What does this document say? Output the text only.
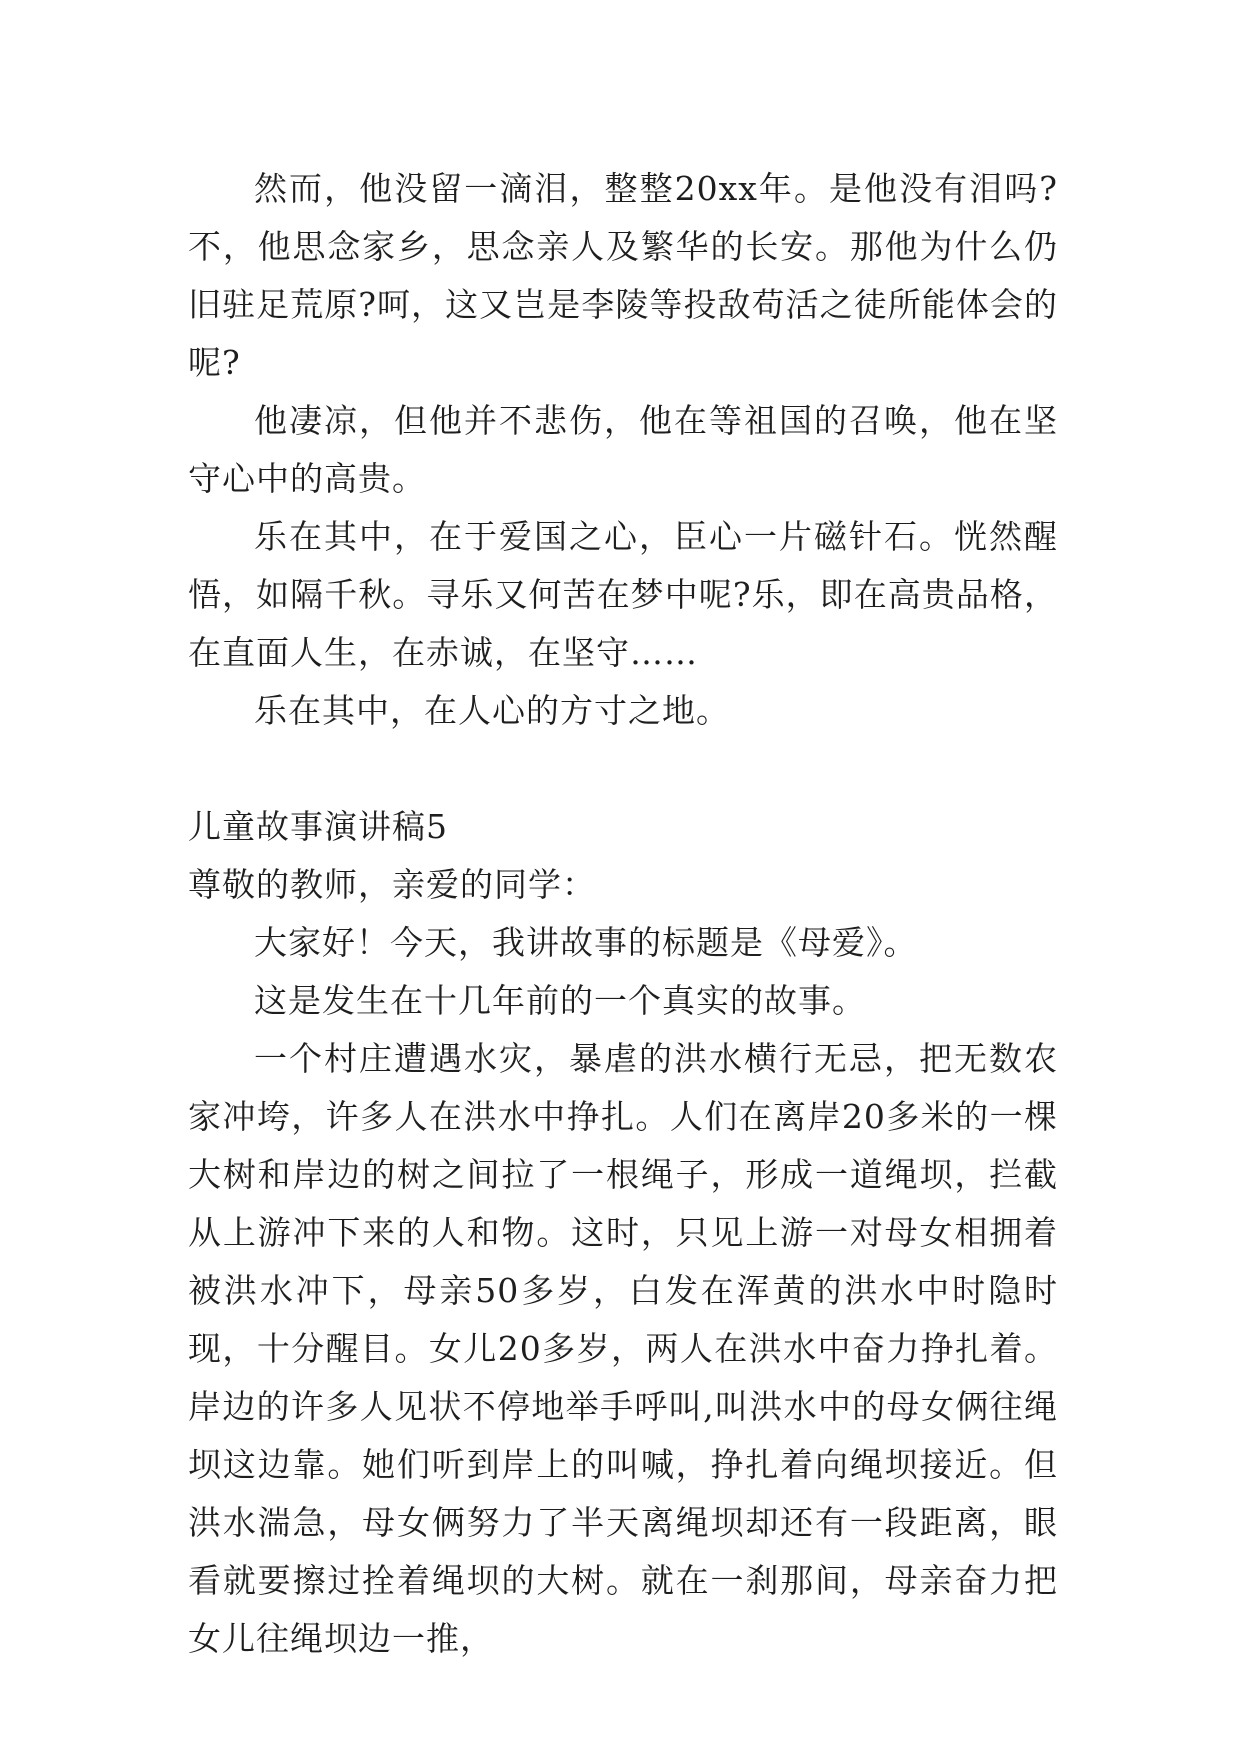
然而，他没留一滴泪，整整20xx年。是他没有泪吗?不，他思念家乡，思念亲人及繁华的长安。那他为什么仍旧驻足荒原?呵，这又岂是李陵等投敌苟活之徒所能体会的呢?

他凄凉，但他并不悲伤，他在等祖国的召唤，他在坚守心中的高贵。

乐在其中，在于爱国之心，臣心一片磁针石。恍然醒悟，如隔千秋。寻乐又何苦在梦中呢?乐，即在高贵品格，在直面人生，在赤诚，在坚守……

乐在其中，在人心的方寸之地。

儿童故事演讲稿5

尊敬的教师，亲爱的同学：

大家好！今天，我讲故事的标题是《母爱》。

这是发生在十几年前的一个真实的故事。

一个村庄遭遇水灾，暴虐的洪水横行无忌，把无数农家冲垮，许多人在洪水中挣扎。人们在离岸20多米的一棵大树和岸边的树之间拉了一根绳子，形成一道绳坝，拦截从上游冲下来的人和物。这时，只见上游一对母女相拥着被洪水冲下，母亲50多岁，白发在浑黄的洪水中时隐时现，十分醒目。女儿20多岁，两人在洪水中奋力挣扎着。岸边的许多人见状不停地举手呼叫,叫洪水中的母女俩往绳坝这边靠。她们听到岸上的叫喊，挣扎着向绳坝接近。但洪水湍急，母女俩努力了半天离绳坝却还有一段距离，眼看就要擦过拴着绳坝的大树。就在一刹那间，母亲奋力把女儿往绳坝边一推，
